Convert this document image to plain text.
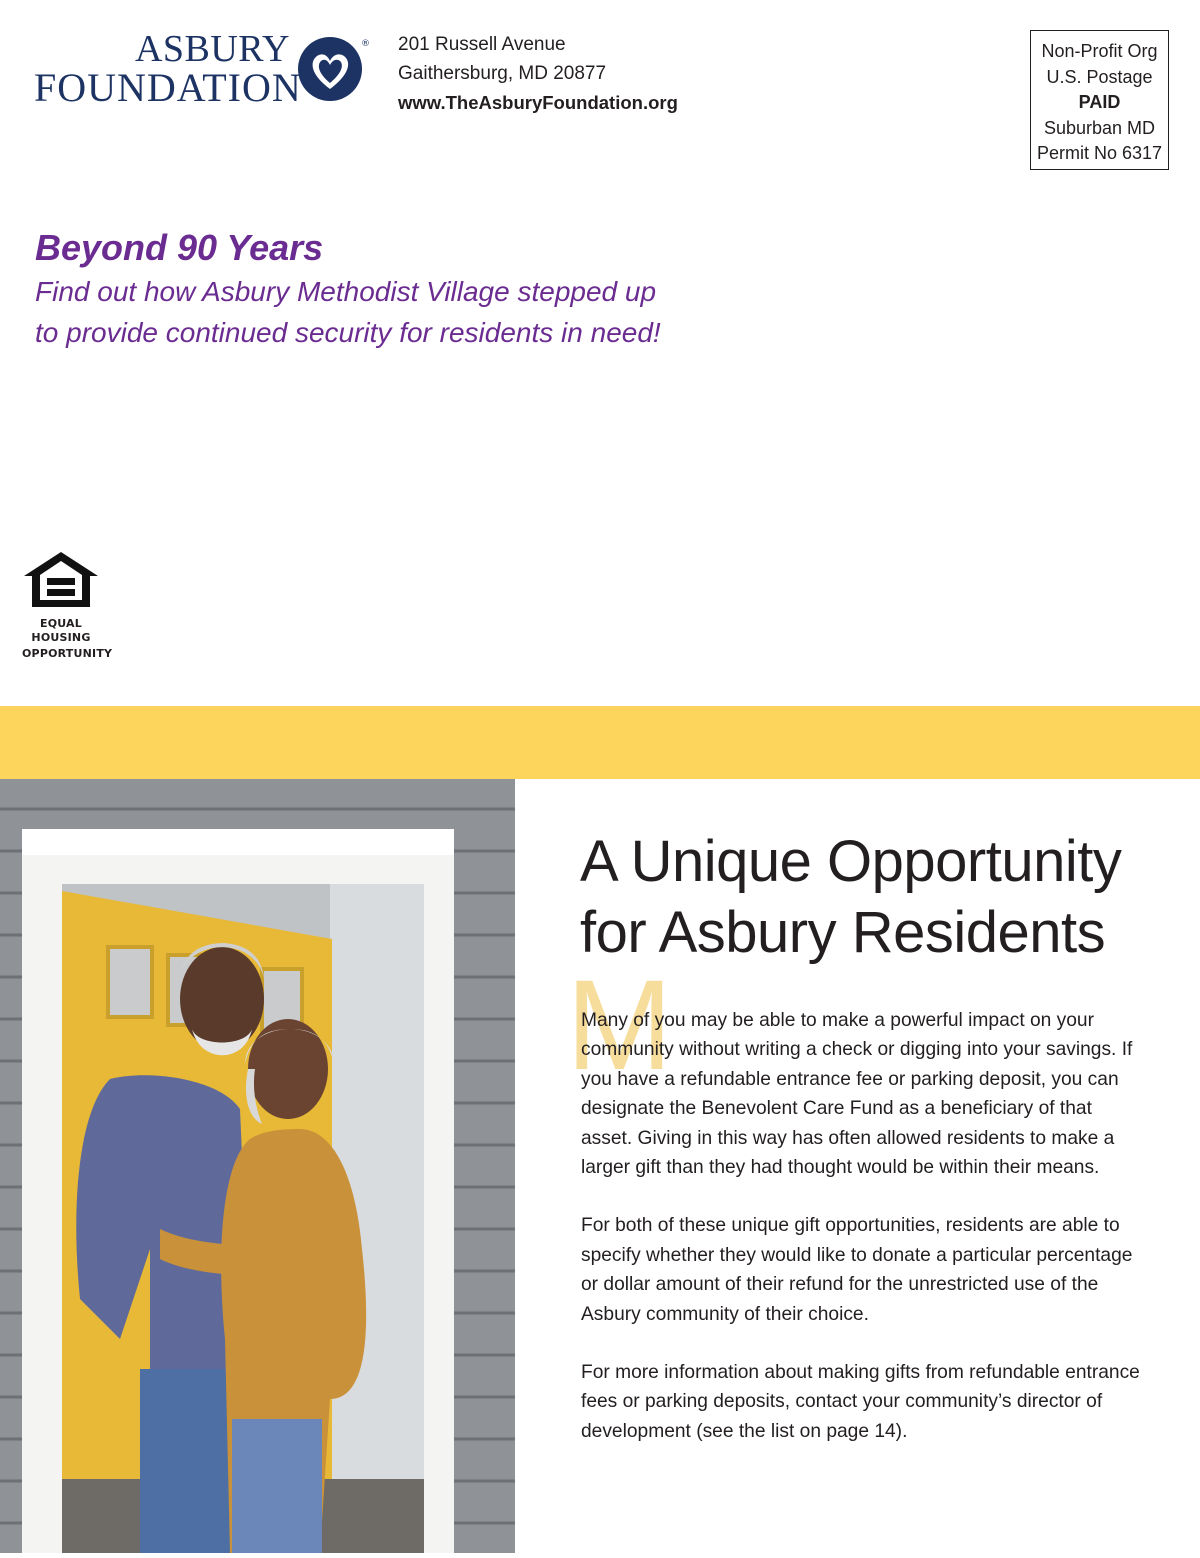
ASBURY
FOUNDATION
® 201 Russell Avenue
Gaithersburg, MD 20877
www.TheAsburyFoundation.org
Non-Profit Org
U.S. Postage
PAID
Suburban MD
Permit No 6317
Beyond 90 Years
Find out how Asbury Methodist Village stepped up
to provide continued security for residents in need!
EQUAL HOUSING
OPPORTUNITY
A Unique Opportunity
for Asbury Residents
M

Many of you may be able to make a powerful impact on your community without writing a check or digging into your savings. If you have a refundable entrance fee or parking deposit, you can designate the Benevolent Care Fund as a beneficiary of that asset. Giving in this way has often allowed residents to make a larger gift than they had thought would be within their means.

For both of these unique gift opportunities, residents are able to specify whether they would like to donate a particular percentage or dollar amount of their refund for the unrestricted use of the Asbury community of their choice.

For more information about making gifts from refundable entrance fees or parking deposits, contact your community’s director of development (see the list on page 14).
